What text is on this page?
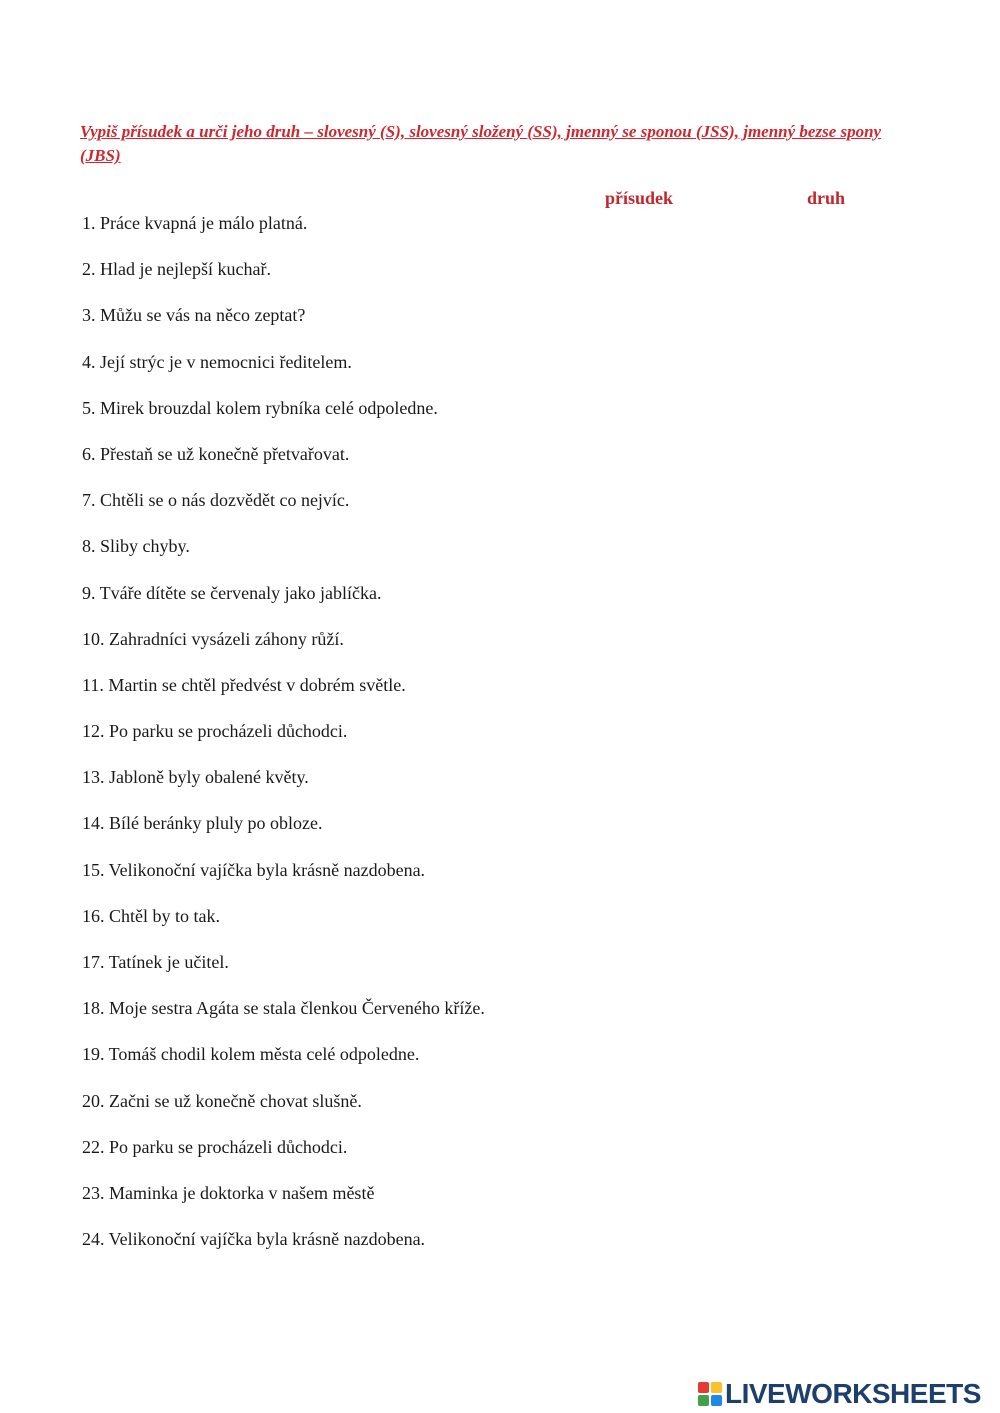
Vypiš přísudek a urči jeho druh – slovesný (S), slovesný složený (SS), jmenný se sponou (JSS), jmenný bezse spony (JBS)
přísudek	druh
1. Práce kvapná je málo platná.
2. Hlad je nejlepší kuchař.
3. Můžu se vás na něco zeptat?
4. Její strýc je v nemocnici ředitelem.
5. Mirek brouzdal kolem rybníka celé odpoledne.
6. Přestaň se už konečně přetvařovat.
7. Chtěli se o nás dozvědět co nejvíc.
8. Sliby chyby.
9. Tváře dítěte se červenaly jako jablíčka.
10. Zahradníci vysázeli záhony růží.
11. Martin se chtěl předvést v dobrém světle.
12. Po parku se procházeli důchodci.
13. Jabloně byly obalené květy.
14. Bílé beránky pluly po obloze.
15. Velikonoční vajíčka byla krásně nazdobena.
16. Chtěl by to tak.
17. Tatínek je učitel.
18. Moje sestra Agáta se stala členkou Červeného kříže.
19. Tomáš chodil kolem města celé odpoledne.
20. Začni se už konečně chovat slušně.
22. Po parku se procházeli důchodci.
23. Maminka je doktorka v našem městě
24. Velikonoční vajíčka byla krásně nazdobena.
LIVEWORKSHEETS
